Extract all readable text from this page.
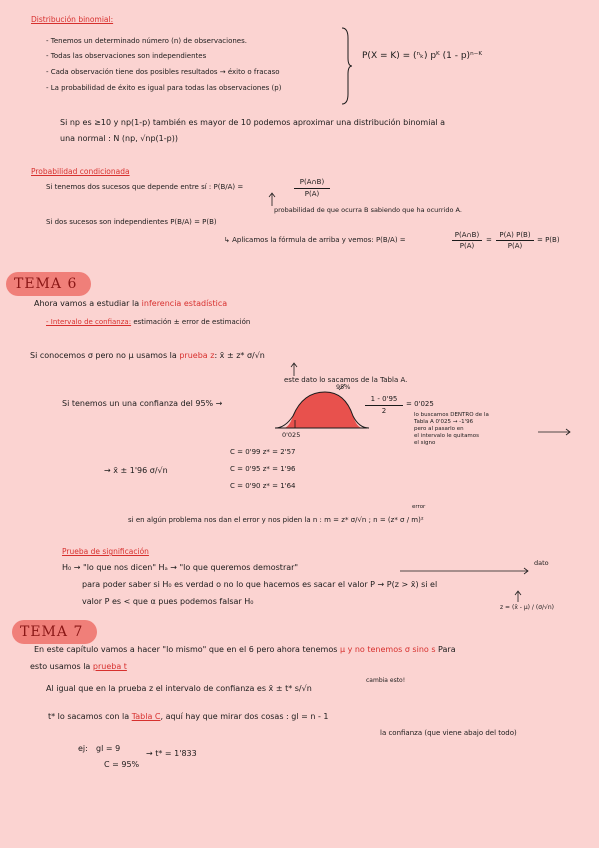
Distribución binomial:
- Tenemos un determinado número (n) de observaciones.
- Todas las observaciones son independientes
- Cada observación tiene dos posibles resultados → éxito o fracaso
- La probabilidad de éxito es igual para todas las observaciones (p)
P(X = K) = (ⁿₖ) pᴷ (1 - p)ⁿ⁻ᴷ
Si np es ≥10 y np(1-p) también es mayor de 10 podemos aproximar una distribución binomial a
una normal : N (np, √np(1-p))
Probabilidad condicionada
Si tenemos dos sucesos que depende entre sí : P(B/A) =
P(A∩B)
P(A)
probabilidad de que ocurra B sabiendo que ha ocurrido A.
Si dos sucesos son independientes P(B/A) = P(B)
↳ Aplicamos la fórmula de arriba y vemos: P(B/A) =
P(A∩B)
P(A)
=
P(A) P(B)
P(A)
= P(B)
TEMA 6
Ahora vamos a estudiar la inferencia estadística
- Intervalo de confianza: estimación ± error de estimación
Si conocemos σ pero no μ usamos la prueba z: x̄ ± z* σ/√n
este dato lo sacamos de la Tabla A.
Si tenemos un una confianza del 95% →
95%
0'025
1 - 0'95
2
= 0'025
lo buscamos DENTRO de la
Tabla A 0'025 → -1'96
pero al pasarlo en
el intervalo le quitamos
el signo
→ x̄ ± 1'96 σ/√n
C = 0'99 z* = 2'57
C = 0'95 z* = 1'96
C = 0'90 z* = 1'64
error
si en algún problema nos dan el error y nos piden la n : m = z* σ/√n ; n = (z* σ / m)²
Prueba de significación
H₀ → "lo que nos dicen" Hₐ → "lo que queremos demostrar"	dato
para poder saber si H₀ es verdad o no lo que hacemos es sacar el valor P → P(z > x̄) si el
valor P es < que α pues podemos falsar H₀
z = (x̄ - μ) / (σ/√n)
TEMA 7
En este capítulo vamos a hacer "lo mismo" que en el 6 pero ahora tenemos μ y no tenemos σ sino s Para
esto usamos la prueba t
Al igual que en la prueba z el intervalo de confianza es x̄ ± t* s/√n
cambia esto!
t* lo sacamos con la Tabla C, aquí hay que mirar dos cosas : gl = n - 1
la confianza (que viene abajo del todo)
ej: gl = 9
C = 95%
→ t* = 1'833
